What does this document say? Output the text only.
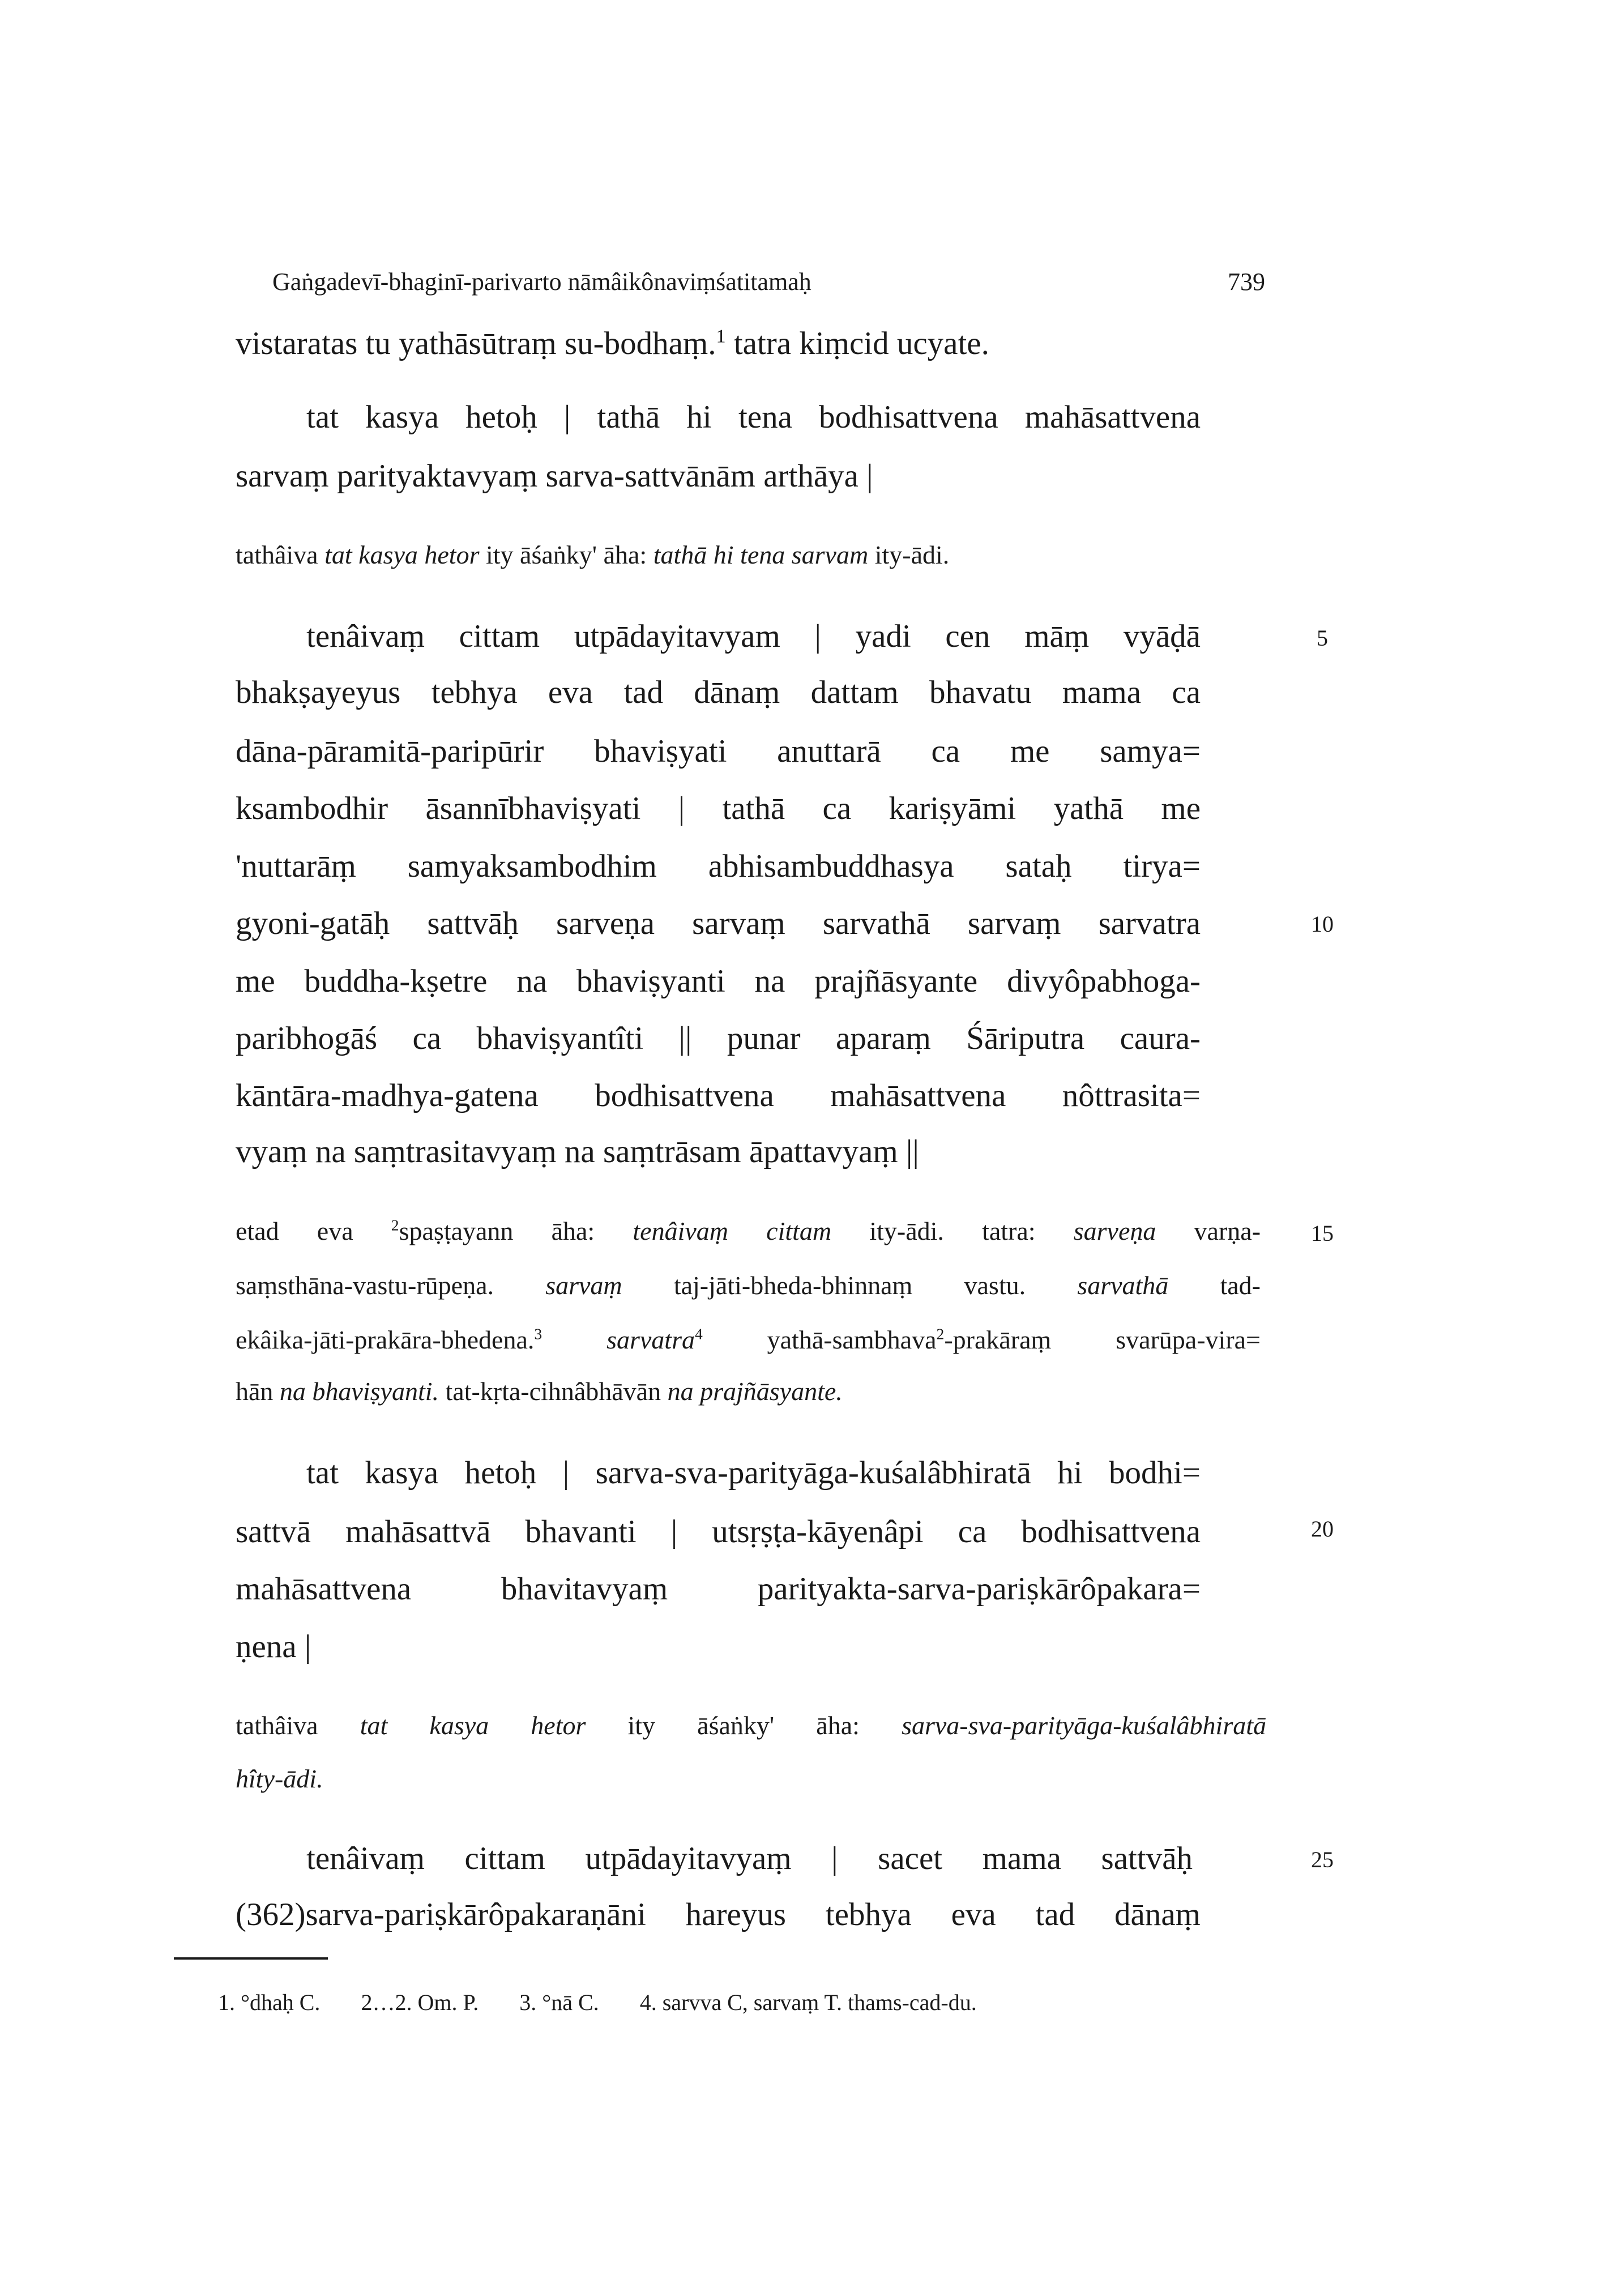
Gaṅgadevī-bhaginī-parivarto nāmâikônaviṃśatitamaḥ	739
vistaratas tu yathāsūtraṃ su-bodhaṃ.$^1$ tatra kiṃcid ucyate.
tat kasya hetoḥ | tathā hi tena bodhisattvena mahāsattvena
sarvaṃ parityaktavyaṃ sarva-sattvānām arthāya |
tathâiva tat kasya hetor ity āśaṅky' āha: tathā hi tena sarvam ity-ādi.
tenâivaṃ cittam utpādayitavyam | yadi cen māṃ vyāḍā
bhakṣayeyus tebhya eva tad dānaṃ dattam bhavatu mama ca
dāna-pāramitā-paripūrir bhaviṣyati anuttarā ca me samya=
ksambodhir āsannībhaviṣyati | tathā ca kariṣyāmi yathā me
'nuttarāṃ samyaksambodhim abhisambuddhasya sataḥ tirya=
gyoni-gatāḥ sattvāḥ sarveṇa sarvaṃ sarvathā sarvaṃ sarvatra
me buddha-kṣetre na bhaviṣyanti na prajñāsyante divyôpabhoga-
paribhogāś ca bhaviṣyantîti || punar aparaṃ Śāriputra caura-
kāntāra-madhya-gatena bodhisattvena mahāsattvena nôttrasita=
vyaṃ na saṃtrasitavyaṃ na saṃtrāsam āpattavyaṃ ||
etad eva $^2$spaṣṭayann āha: tenâivaṃ cittam ity-ādi. tatra: sarveṇa varṇa-
saṃsthāna-vastu-rūpeṇa. sarvaṃ taj-jāti-bheda-bhinnaṃ vastu. sarvathā tad-
ekâika-jāti-prakāra-bhedena.$^3$ sarvatra$^4$ yathā-sambhava$^2$-prakāraṃ svarūpa-vira=
hān na bhaviṣyanti. tat-kṛta-cihnâbhāvān na prajñāsyante.
tat kasya hetoḥ | sarva-sva-parityāga-kuśalâbhiratā hi bodhi=
sattvā mahāsattvā bhavanti | utsṛṣṭa-kāyenâpi ca bodhisattvena
mahāsattvena bhavitavyaṃ parityakta-sarva-pariṣkārôpakara=
ṇena |
tathâiva tat kasya hetor ity āśaṅky' āha: sarva-sva-parityāga-kuśalâbhiratā
hîty-ādi.
tenâivaṃ cittam utpādayitavyaṃ | sacet mama sattvāḥ
(362)sarva-pariṣkārôpakaraṇāni hareyus tebhya eva tad dānaṃ
5
10
15
20
25
1. °dhaḥ C. 2…2. Om. P. 3. °nā C. 4. sarvva C, sarvaṃ T. thams-cad-du.
